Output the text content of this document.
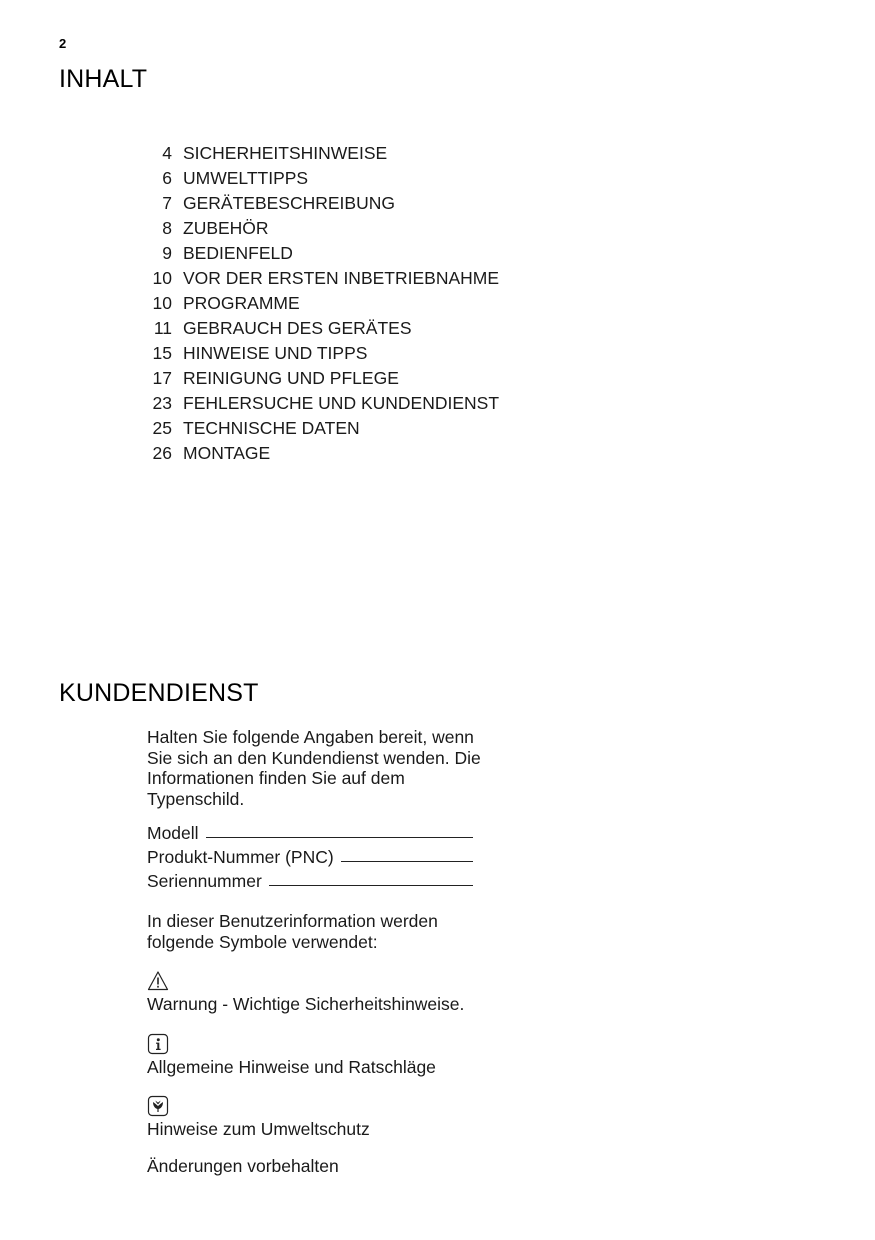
2
INHALT
4 SICHERHEITSHINWEISE
6 UMWELTTIPPS
7 GERÄTEBESCHREIBUNG
8 ZUBEHÖR
9 BEDIENFELD
10 VOR DER ERSTEN INBETRIEBNAHME
10 PROGRAMME
11 GEBRAUCH DES GERÄTES
15 HINWEISE UND TIPPS
17 REINIGUNG UND PFLEGE
23 FEHLERSUCHE UND KUNDENDIENST
25 TECHNISCHE DATEN
26 MONTAGE
KUNDENDIENST

Halten Sie folgende Angaben bereit, wenn Sie sich an den Kundendienst wenden. Die Informationen finden Sie auf dem Typenschild.

Modell
Produkt-Nummer (PNC)
Seriennummer

In dieser Benutzerinformation werden folgende Symbole verwendet:

Warnung - Wichtige Sicherheitshinweise.
Allgemeine Hinweise und Ratschläge
Hinweise zum Umweltschutz
Änderungen vorbehalten
